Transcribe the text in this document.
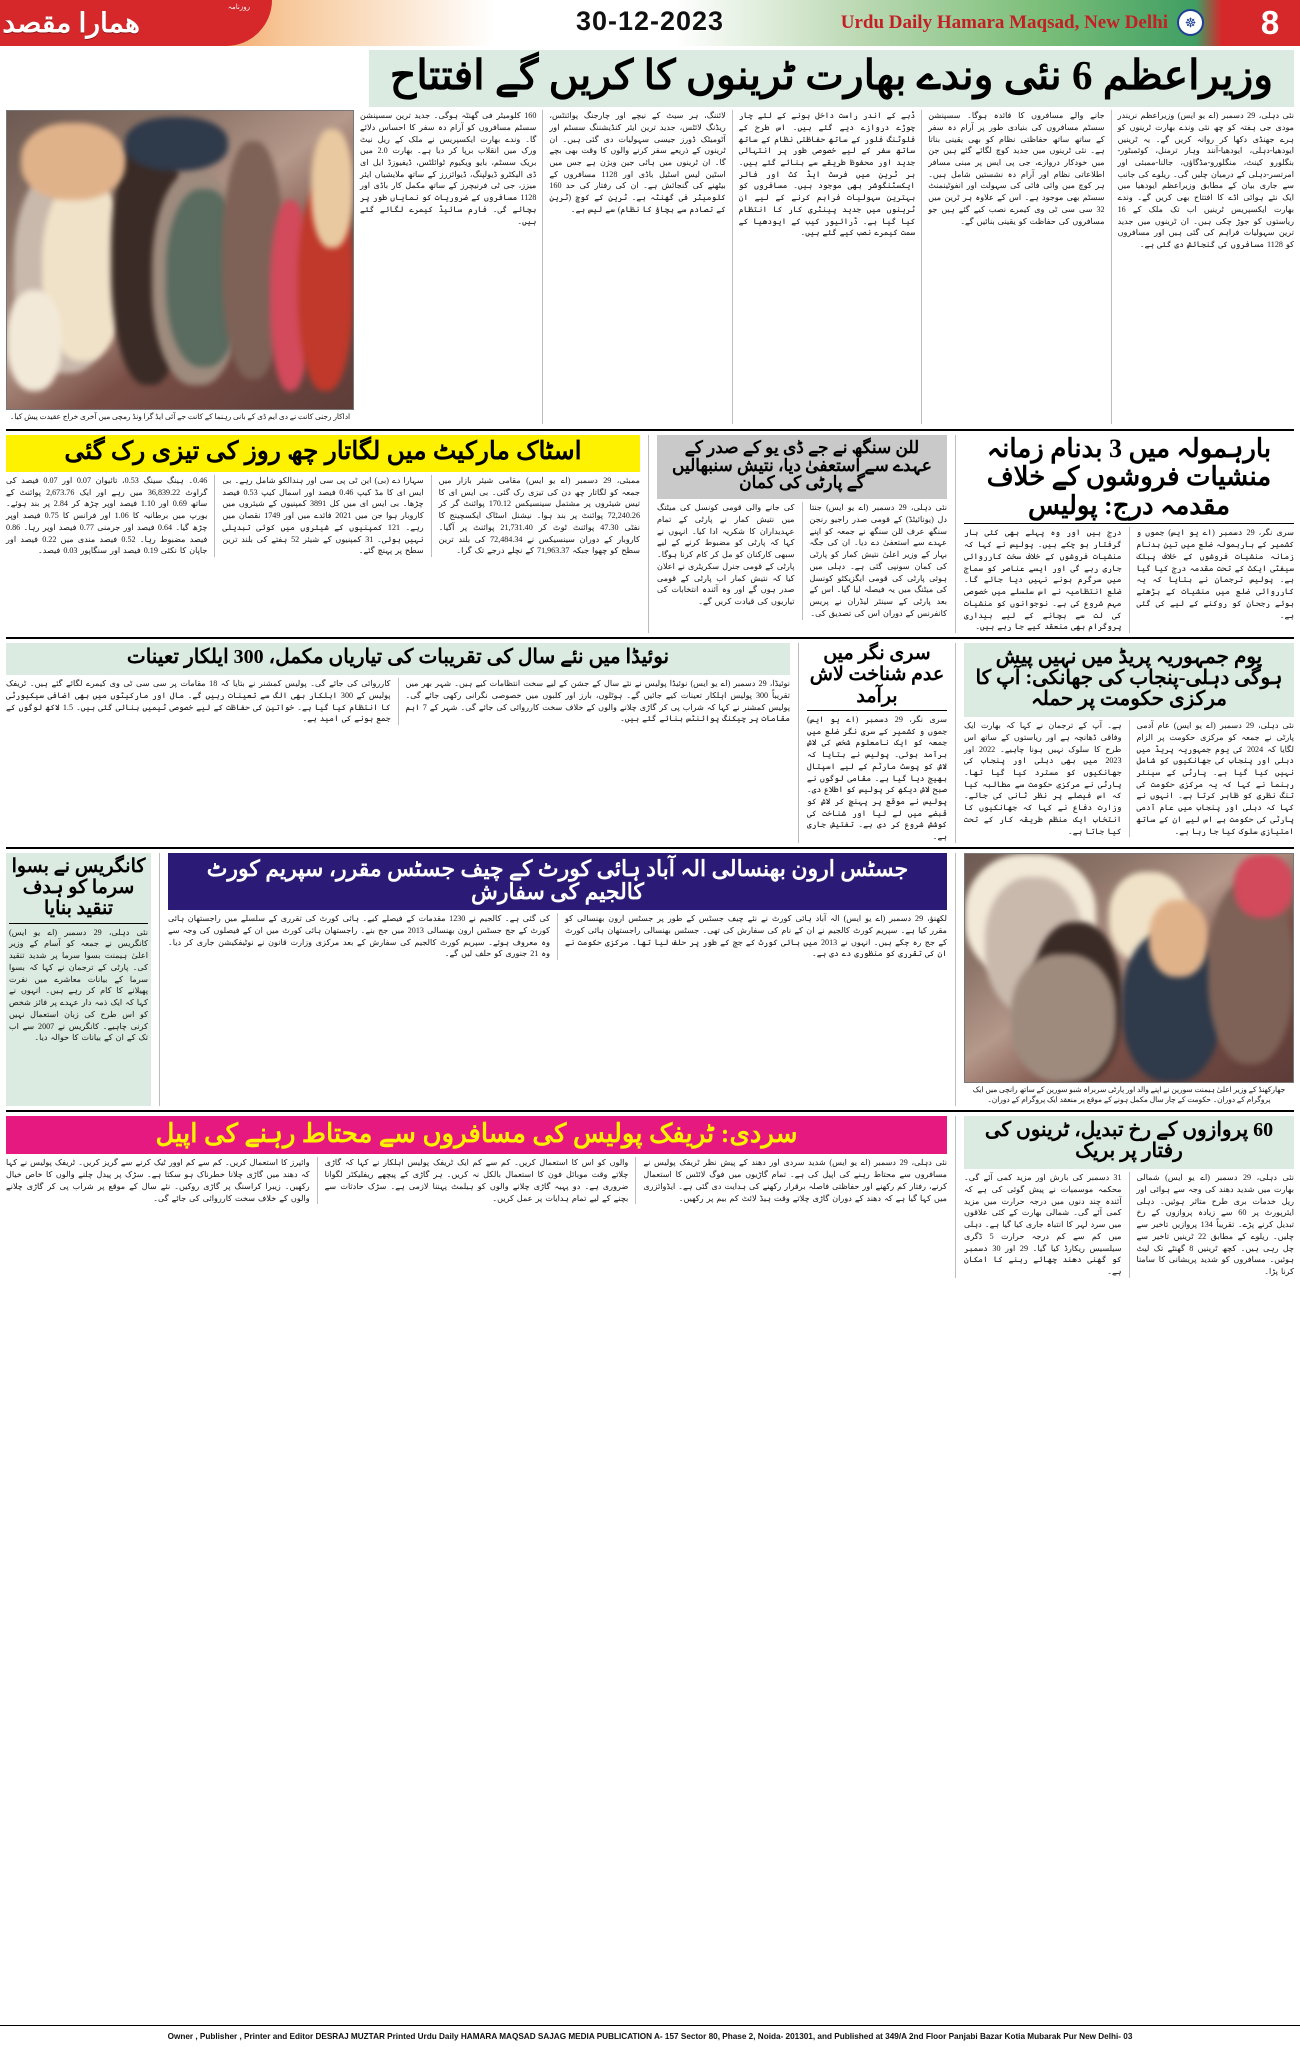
روزنامہ
همارا مقصد	☸
30-12-2023	Urdu Daily Hamara Maqsad, New Delhi	8
وزیراعظم 6 نئی وندے بھارت ٹرینوں کا کریں گے افتتاح
نئی دہلی، 29 دسمبر (اے یو ایس) وزیراعظم نریندر مودی جی ہفتہ کو چھ نئی وندے بھارت ٹرینوں کو ہرے جھنڈی دکھا کر روانہ کریں گے۔ یہ ٹرینیں ایودھیا-دہلی، ایودھیا-آنند وہار ترمنل، کوئمبٹور-بنگلورو کینٹ، منگلورو-مڈگاؤں، جالنا-ممبئی اور امرتسر-دہلی کے درمیان چلیں گی۔ ریلوے کی جانب سے جاری بیان کے مطابق وزیراعظم ایودھیا میں ایک نئے ہوائی اڈے کا افتتاح بھی کریں گے۔ وندے بھارت ایکسپریس ٹرینیں اب تک ملک کے 16 ریاستوں کو جوڑ چکی ہیں۔ ان ٹرینوں میں جدید ترین سہولیات فراہم کی گئی ہیں اور مسافروں کو 1128 مسافروں کی گنجائش دی گئی ہے۔
جانے والے مسافروں کا فائدہ ہوگا۔ سسپنشن سسٹم مسافروں کی بنیادی طور پر آرام دہ سفر کے ساتھ ساتھ حفاظتی نظام کو بھی یقینی بناتا ہے۔ نئی ٹرینوں میں جدید کوچ لگائے گئے ہیں جن میں خودکار دروازے، جی پی ایس پر مبنی مسافر اطلاعاتی نظام اور آرام دہ نشستیں شامل ہیں۔ ہر کوچ میں وائی فائی کی سہولت اور انفوٹینمنٹ سسٹم بھی موجود ہے۔ اس کے علاوہ ہر ٹرین میں 32 سی سی ٹی وی کیمرے نصب کیے گئے ہیں جو مسافروں کی حفاظت کو یقینی بنائیں گے۔
ڈبے کے اندر راست داخل ہونے کے لئے چار چوڑے دروازے دیے گئے ہیں۔ اس طرح کے فلوٹنگ فلور کے ساتھ حفاظتی نظام کے ساتھ ساتھ سفر کے لیے خصوصی طور پر انتہائی جدید اور محفوظ طریقے سے بنائے گئے ہیں۔ ہر ٹرین میں فرسٹ ایڈ کٹ اور فائر ایکسٹنگوشر بھی موجود ہیں۔ مسافروں کو بہترین سہولیات فراہم کرنے کے لیے ان ٹرینوں میں جدید پینٹری کار کا انتظام کیا گیا ہے۔ ڈرائیور کیب کے ایودھیا کے سمت کیمرے نصب کیے گئے ہیں۔
لائننگ، ہر سیٹ کے نیچے اور چارجنگ پوائنٹس، ریڈنگ لائٹس، جدید ترین ایئر کنڈیشننگ سسٹم اور آٹومیٹک ڈورز جیسی سہولیات دی گئی ہیں۔ ان ٹرینوں کے ذریعے سفر کرنے والوں کا وقت بھی بچے گا۔ ان ٹرینوں میں ہائی جین ویژن ہے جس میں اسٹین لیس اسٹیل باڈی اور 1128 مسافروں کے بیٹھنے کی گنجائش ہے۔ ان کی رفتار کی حد 160 کلومیٹر فی گھنٹہ ہے۔ ٹرین کے کوچ (ٹرین کے تصادم سے بچاؤ کا نظام) سے لیس ہے۔
160 کلومیٹر فی گھنٹہ ہوگی۔ جدید ترین سسپنشن سسٹم مسافروں کو آرام دہ سفر کا احساس دلائے گا۔ وندے بھارت ایکسپریس نے ملک کے ریل نیٹ ورک میں انقلاب برپا کر دیا ہے۔ بھارت 2.0 میں بریک سسٹم، بایو ویکیوم ٹوائلٹس، ڈیفیوزڈ ایل ای ڈی الیکٹرو ڈیولپنگ، ڈیوائزرز کے ساتھ ملایشیاں ایئر میزز، جی ٹی فرنیچرز کے ساتھ مکمل کار باڈی اور 1128 مسافروں کے ضروریات کو نمایاں طور پر بچائے گی۔ فارم سائیڈ کیمرے لگائے گئے ہیں۔
اداکار رجنی کانت نے دی ایم ڈی کے بانی رہنما کے کانت جے آئی ایڈ گرا ونڈ رمچی میں آخری خراج عقیدت پیش کیا۔
بارہمولہ میں 3 بدنام زمانہ منشیات فروشوں کے خلاف مقدمہ درج: پولیس
سری نگر، 29 دسمبر (اے یو ایس) جموں و کشمیر کے بارہمولہ ضلع میں تین بدنام زمانہ منشیات فروشوں کے خلاف پبلک سیفٹی ایکٹ کے تحت مقدمہ درج کیا گیا ہے۔ پولیس ترجمان نے بتایا کہ یہ کارروائی ضلع میں منشیات کے بڑھتے ہوئے رجحان کو روکنے کے لیے کی گئی ہے۔
درج ہیں اور وہ پہلے بھی کئی بار گرفتار ہو چکے ہیں۔ پولیس نے کہا کہ منشیات فروشوں کے خلاف سخت کارروائی جاری رہے گی اور ایسے عناصر کو سماج میں سرگرم ہونے نہیں دیا جائے گا۔ ضلع انتظامیہ نے اس سلسلے میں خصوصی مہم شروع کی ہے۔ نوجوانوں کو منشیات کی لت سے بچانے کے لیے بیداری پروگرام بھی منعقد کیے جا رہے ہیں۔
للن سنگھ نے جے ڈی یو کے صدر کے عہدے سے استعفیٰ دیا، نتیش سنبھالیں گے پارٹی کی کمان
نئی دہلی، 29 دسمبر (اے یو ایس) جنتا دل (یونائیٹڈ) کے قومی صدر راجیو رنجن سنگھ عرف للن سنگھ نے جمعہ کو اپنے عہدے سے استعفیٰ دے دیا۔ ان کی جگہ بہار کے وزیر اعلیٰ نتیش کمار کو پارٹی کی کمان سونپی گئی ہے۔ دہلی میں ہوئی پارٹی کی قومی ایگزیکٹو کونسل کی میٹنگ میں یہ فیصلہ لیا گیا۔ اس کے بعد پارٹی کے سینئر لیڈران نے پریس کانفرنس کے دوران اس کی تصدیق کی۔
کی جانے والی قومی کونسل کی میٹنگ میں نتیش کمار نے پارٹی کے تمام عہدیداران کا شکریہ ادا کیا۔ انہوں نے کہا کہ پارٹی کو مضبوط کرنے کے لیے سبھی کارکنان کو مل کر کام کرنا ہوگا۔ پارٹی کے قومی جنرل سکریٹری نے اعلان کیا کہ نتیش کمار اب پارٹی کے قومی صدر ہوں گے اور وہ آئندہ انتخابات کی تیاریوں کی قیادت کریں گے۔
اسٹاک مارکیٹ میں لگاتار چھ روز کی تیزی رک گئی
ممبئی، 29 دسمبر (اے یو ایس) مقامی شیئر بازار میں جمعہ کو لگاتار چھ دن کی تیزی رک گئی۔ بی ایس ای کا تیس شیئروں پر مشتمل سینسیکس 170.12 پوائنٹ گر کر 72,240.26 پوائنٹ پر بند ہوا۔ نیشنل اسٹاک ایکسچینج کا نفٹی 47.30 پوائنٹ ٹوٹ کر 21,731.40 پوائنٹ پر آگیا۔ کاروبار کے دوران سینسیکس نے 72,484.34 کی بلند ترین سطح کو چھوا جبکہ 71,963.37 کے نچلے درجے تک گرا۔
سہارا دے (بی) این ٹی پی سی اور ہندالکو شامل رہے۔ بی ایس ای کا مڈ کیپ 0.46 فیصد اور اسمال کیپ 0.53 فیصد چڑھا۔ بی ایس ای میں کل 3891 کمپنیوں کے شیئروں میں کاروبار ہوا جن میں 2021 فائدے میں اور 1749 نقصان میں رہے۔ 121 کمپنیوں کے شیئروں میں کوئی تبدیلی نہیں ہوئی۔ 31 کمپنیوں کے شیئر 52 ہفتے کی بلند ترین سطح پر پہنچ گئے۔
0.46۔ ہینگ سینگ 0.53، تائیوان 0.07 اور 0.07 فیصد کی گراوٹ 36,839.22 میں رہے اور ایک 2,673.76 پوائنٹ کے ساتھ 0.69 اور 1.10 فیصد اوپر چڑھ کر 2.84 پر بند ہوئے۔ یورپ میں برطانیہ کا 1.06 اور فرانس کا 0.75 فیصد اوپر چڑھ گیا۔ 0.64 فیصد اور جرمنی 0.77 فیصد اوپر رہا۔ 0.86 فیصد مضبوط رہا۔ 0.52 فیصد مندی میں 0.22 فیصد اور جاپان کا نکئی 0.19 فیصد اور سنگاپور 0.03 فیصد۔
یوم جمہوریہ پریڈ میں نہیں پیش ہوگی دہلی-پنجاب کی جھانکی: آپ کا مرکزی حکومت پر حملہ
نئی دہلی، 29 دسمبر (اے یو ایس) عام آدمی پارٹی نے جمعہ کو مرکزی حکومت پر الزام لگایا کہ 2024 کی یوم جمہوریہ پریڈ میں دہلی اور پنجاب کی جھانکیوں کو شامل نہیں کیا گیا ہے۔ پارٹی کے سینئر رہنما نے کہا کہ یہ مرکزی حکومت کی تنگ نظری کو ظاہر کرتا ہے۔ انہوں نے کہا کہ دہلی اور پنجاب میں عام آدمی پارٹی کی حکومت ہے اس لیے ان کے ساتھ امتیازی سلوک کیا جا رہا ہے۔
ہے۔ آپ کے ترجمان نے کہا کہ بھارت ایک وفاقی ڈھانچہ ہے اور ریاستوں کے ساتھ اس طرح کا سلوک نہیں ہونا چاہیے۔ 2022 اور 2023 میں بھی دہلی اور پنجاب کی جھانکیوں کو مسترد کیا گیا تھا۔ پارٹی نے مرکزی حکومت سے مطالبہ کیا کہ اس فیصلے پر نظر ثانی کی جائے۔ وزارت دفاع نے کہا کہ جھانکیوں کا انتخاب ایک منظم طریقہ کار کے تحت کیا جاتا ہے۔
سری نگر میں عدم شناخت لاش برآمد
سری نگر، 29 دسمبر (اے یو ایس) جموں و کشمیر کے سری نگر ضلع میں جمعہ کو ایک نامعلوم شخص کی لاش برآمد ہوئی۔ پولیس نے بتایا کہ لاش کو پوسٹ مارٹم کے لیے اسپتال بھیج دیا گیا ہے۔ مقامی لوگوں نے صبح لاش دیکھ کر پولیس کو اطلاع دی۔ پولیس نے موقع پر پہنچ کر لاش کو قبضے میں لے لیا اور شناخت کی کوشش شروع کر دی ہے۔ تفتیش جاری ہے۔
نوئیڈا میں نئے سال کی تقریبات کی تیاریاں مکمل، 300 ایلکار تعینات
نوئیڈا، 29 دسمبر (اے یو ایس) نوئیڈا پولیس نے نئے سال کے جشن کے لیے سخت انتظامات کیے ہیں۔ شہر بھر میں تقریباً 300 پولیس اہلکار تعینات کیے جائیں گے۔ ہوٹلوں، بارز اور کلبوں میں خصوصی نگرانی رکھی جائے گی۔ پولیس کمشنر نے کہا کہ شراب پی کر گاڑی چلانے والوں کے خلاف سخت کارروائی کی جائے گی۔ شہر کے 7 اہم مقامات پر چیکنگ پوائنٹس بنائے گئے ہیں۔
کارروائی کی جائے گی۔ پولیس کمشنر نے بتایا کہ 18 مقامات پر سی سی ٹی وی کیمرے لگائے گئے ہیں۔ ٹریفک پولیس کے 300 اہلکار بھی الگ سے تعینات رہیں گے۔ مال اور مارکیٹوں میں بھی اضافی سیکیورٹی کا انتظام کیا گیا ہے۔ خواتین کی حفاظت کے لیے خصوصی ٹیمیں بنائی گئی ہیں۔ 1.5 لاکھ لوگوں کے جمع ہونے کی امید ہے۔
جھارکھنڈ کے وزیر اعلیٰ ہیمنت سورین نے اپنے والد اور پارٹی سربراہ شبو سورین کے ساتھ رانچی میں ایک پروگرام کے دوران۔ حکومت کے چار سال مکمل ہونے کے موقع پر منعقد ایک پروگرام کے دوران۔
جسٹس ارون بھنسالی الہ آباد ہائی کورٹ کے چیف جسٹس مقرر، سپریم کورٹ کالجیم کی سفارش
لکھنؤ، 29 دسمبر (اے یو ایس) الہ آباد ہائی کورٹ نے نئے چیف جسٹس کے طور پر جسٹس ارون بھنسالی کو مقرر کیا ہے۔ سپریم کورٹ کالجیم نے ان کے نام کی سفارش کی تھی۔ جسٹس بھنسالی راجستھان ہائی کورٹ کے جج رہ چکے ہیں۔ انہوں نے 2013 میں ہائی کورٹ کے جج کے طور پر حلف لیا تھا۔ مرکزی حکومت نے ان کی تقرری کو منظوری دے دی ہے۔
کی گئی ہے۔ کالجیم نے 1230 مقدمات کے فیصلے کیے۔ ہائی کورٹ کی تقرری کے سلسلے میں راجستھان ہائی کورٹ کے جج جسٹس ارون بھنسالی 2013 میں جج بنے۔ راجستھان ہائی کورٹ میں ان کے فیصلوں کی وجہ سے وہ معروف ہوئے۔ سپریم کورٹ کالجیم کی سفارش کے بعد مرکزی وزارت قانون نے نوٹیفکیشن جاری کر دیا۔ وہ 21 جنوری کو حلف لیں گے۔
کانگریس نے بسوا سرما کو ہدف تنقید بنایا
نئی دہلی، 29 دسمبر (اے یو ایس) کانگریس نے جمعہ کو آسام کے وزیر اعلیٰ ہیمنت بسوا سرما پر شدید تنقید کی۔ پارٹی کے ترجمان نے کہا کہ بسوا سرما کے بیانات معاشرے میں نفرت پھیلانے کا کام کر رہے ہیں۔ انہوں نے کہا کہ ایک ذمہ دار عہدے پر فائز شخص کو اس طرح کی زبان استعمال نہیں کرنی چاہیے۔ کانگریس نے 2007 سے اب تک کے ان کے بیانات کا حوالہ دیا۔
60 پروازوں کے رخ تبدیل، ٹرینوں کی رفتار پر بریک
نئی دہلی، 29 دسمبر (اے یو ایس) شمالی بھارت میں شدید دھند کی وجہ سے ہوائی اور ریل خدمات بری طرح متاثر ہوئیں۔ دہلی ایئرپورٹ پر 60 سے زیادہ پروازوں کے رخ تبدیل کرنے پڑے۔ تقریباً 134 پروازیں تاخیر سے چلیں۔ ریلوے کے مطابق 22 ٹرینیں تاخیر سے چل رہی ہیں۔ کچھ ٹرینیں 8 گھنٹے تک لیٹ ہوئیں۔ مسافروں کو شدید پریشانی کا سامنا کرنا پڑا۔
31 دسمبر کی بارش اور مزید کمی آئے گی۔ محکمہ موسمیات نے پیش گوئی کی ہے کہ آئندہ چند دنوں میں درجہ حرارت میں مزید کمی آئے گی۔ شمالی بھارت کے کئی علاقوں میں سرد لہر کا انتباہ جاری کیا گیا ہے۔ دہلی میں کم سے کم درجہ حرارت 5 ڈگری سیلسیس ریکارڈ کیا گیا۔ 29 اور 30 دسمبر کو گھنی دھند چھائے رہنے کا امکان ہے۔
سردی: ٹریفک پولیس کی مسافروں سے محتاط رہنے کی اپیل
نئی دہلی، 29 دسمبر (اے یو ایس) شدید سردی اور دھند کے پیش نظر ٹریفک پولیس نے مسافروں سے محتاط رہنے کی اپیل کی ہے۔ تمام گاڑیوں میں فوگ لائٹس کا استعمال کرنے، رفتار کم رکھنے اور حفاظتی فاصلہ برقرار رکھنے کی ہدایت دی گئی ہے۔ ایڈوائزری میں کہا گیا ہے کہ دھند کے دوران گاڑی چلاتے وقت ہیڈ لائٹ کم بیم پر رکھیں۔
والوں کو اس کا استعمال کریں۔ کم سے کم ایک ٹریفک پولیس اہلکار نے کہا کہ گاڑی چلاتے وقت موبائل فون کا استعمال بالکل نہ کریں۔ ہر گاڑی کے پیچھے ریفلیکٹر لگوانا ضروری ہے۔ دو پہیہ گاڑی چلانے والوں کو ہیلمٹ پہننا لازمی ہے۔ سڑک حادثات سے بچنے کے لیے تمام ہدایات پر عمل کریں۔
وائپرز کا استعمال کریں۔ کم سے کم اوور ٹیک کرنے سے گریز کریں۔ ٹریفک پولیس نے کہا کہ دھند میں گاڑی چلانا خطرناک ہو سکتا ہے۔ سڑک پر پیدل چلنے والوں کا خاص خیال رکھیں۔ زیبرا کراسنگ پر گاڑی روکیں۔ نئے سال کے موقع پر شراب پی کر گاڑی چلانے والوں کے خلاف سخت کارروائی کی جائے گی۔
Owner , Publisher , Printer and Editor DESRAJ MUZTAR Printed Urdu Daily HAMARA MAQSAD SAJAG MEDIA PUBLICATION A- 157 Sector 80, Phase 2, Noida- 201301, and Published at 349/A 2nd Floor Panjabi Bazar Kotia Mubarak Pur New Delhi- 03
